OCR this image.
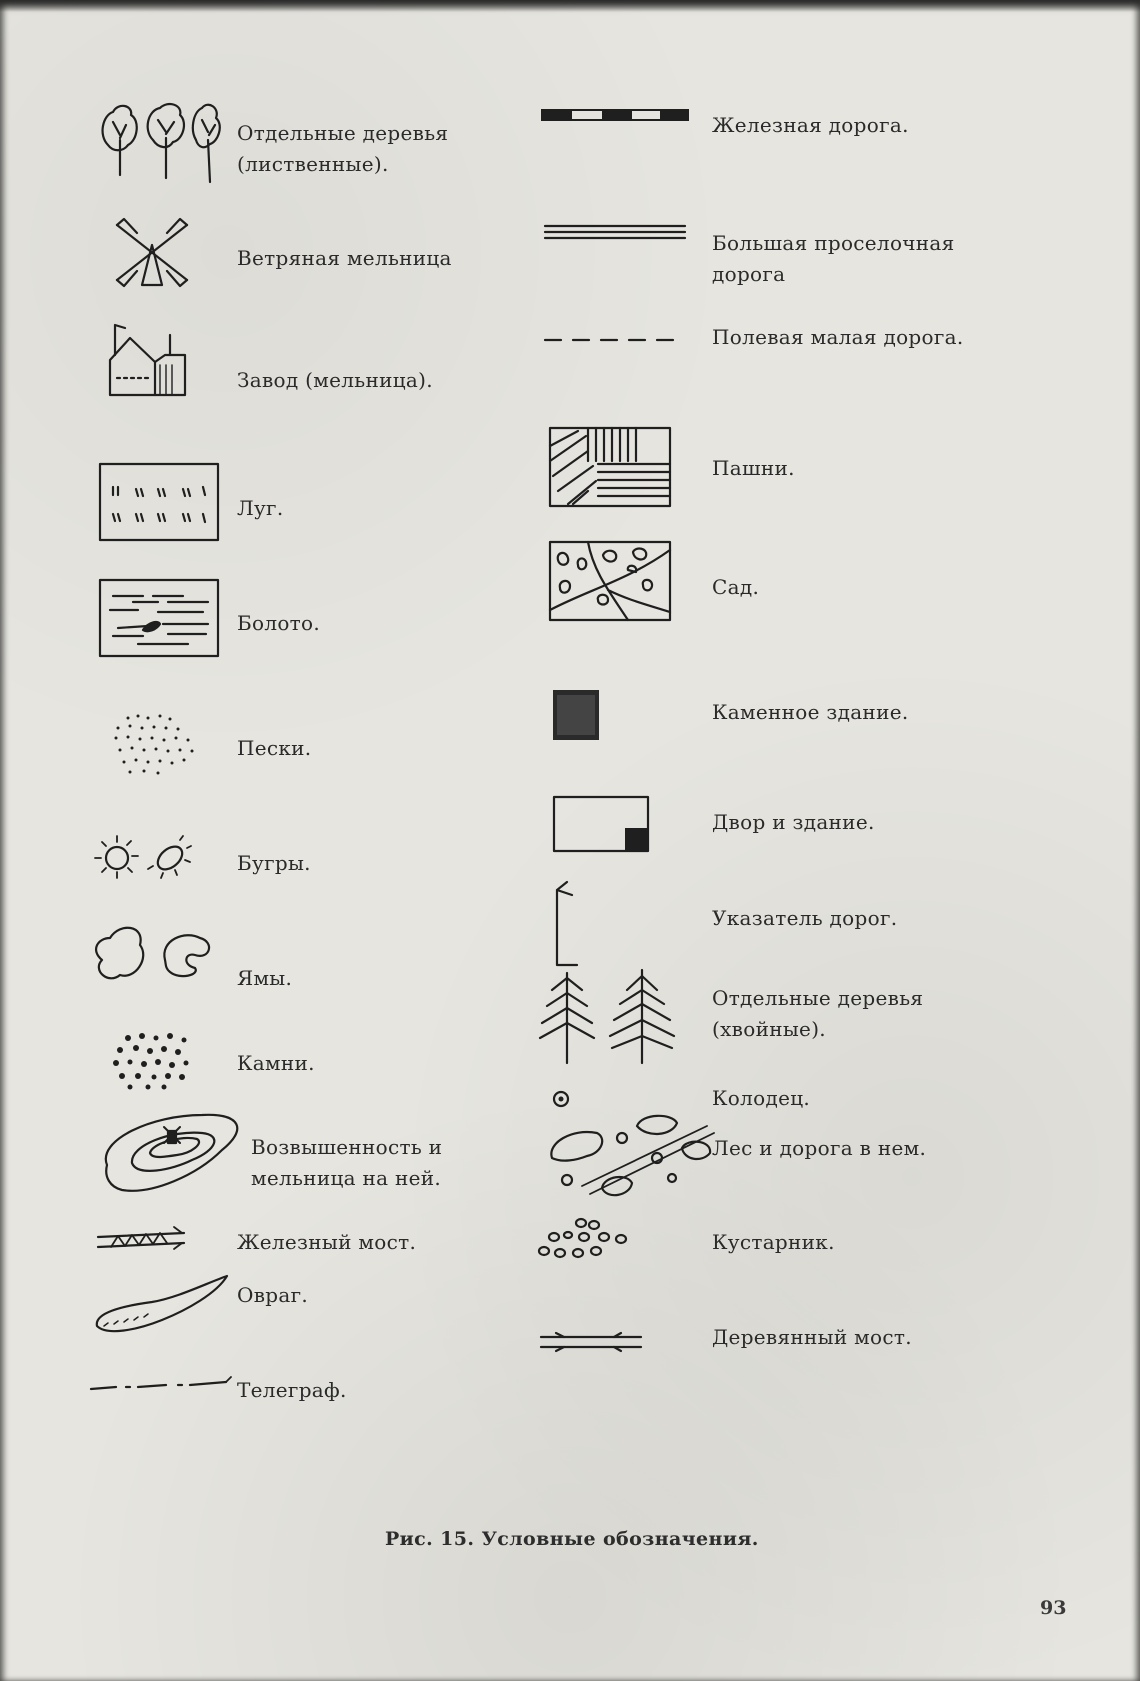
Отдельные деревья
(лиственные).
Ветряная мельница
Завод (мельница).
Луг.
Болото.
Пески.
Бугры.
Ямы.
Камни.
Возвышенность и
мельница на ней.
Железный мост.
Овраг.
Телеграф.
Железная дорога.
Большая проселочная
дорога
Полевая малая дорога.
Пашни.
Сад.
Каменное здание.
Двор и здание.
Указатель дорог.
Отдельные деревья
(хвойные).
Колодец.
Лес и дорога в нем.
Кустарник.
Деревянный мост.
Рис. 15. Условные обозначения.
93
